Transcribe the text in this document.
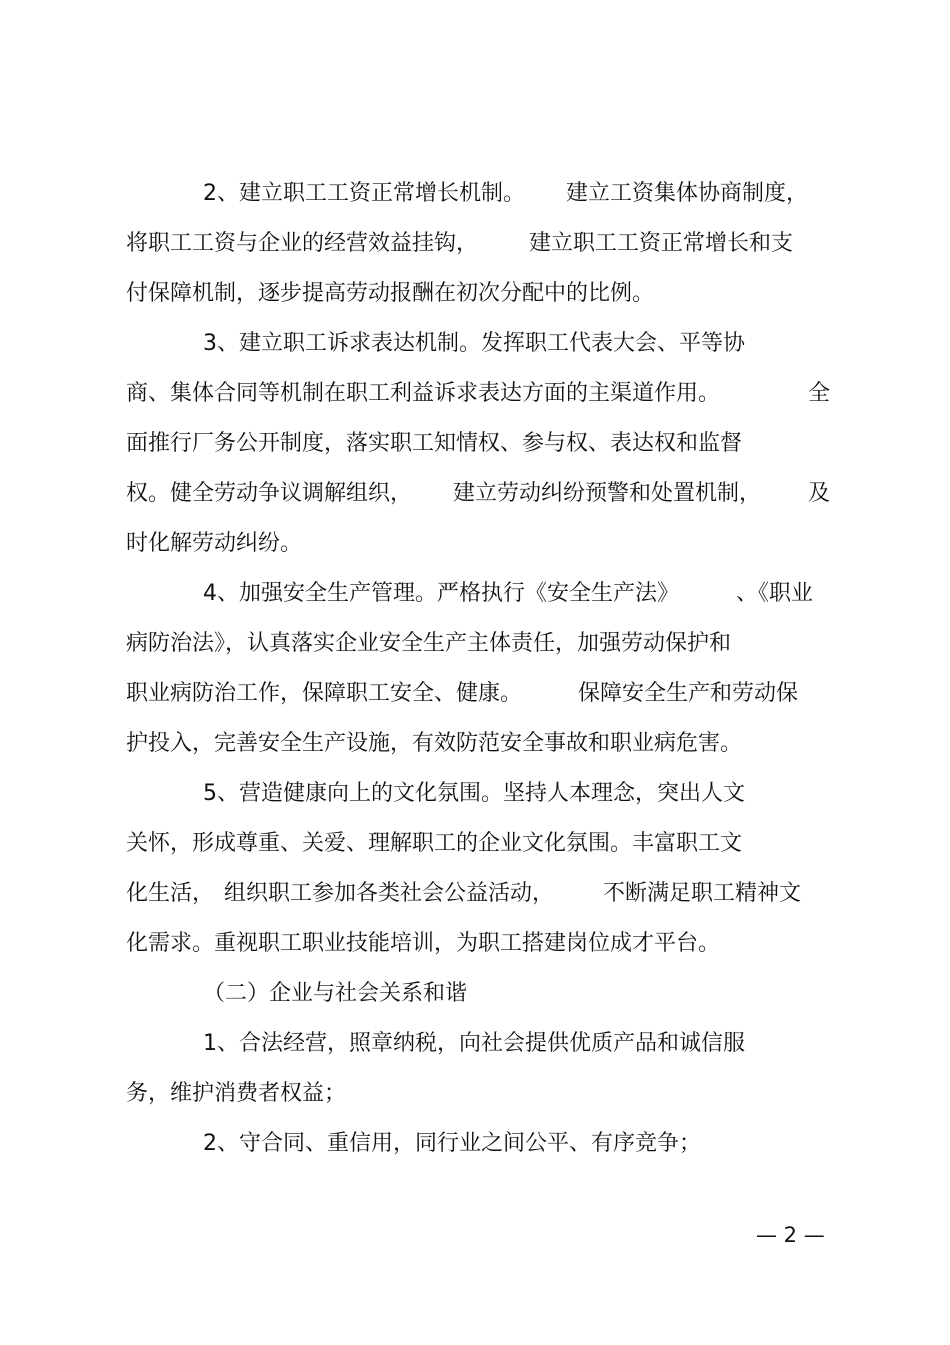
2、建立职工工资正常增长机制。

建立工资集体协商制度，

将职工工资与企业的经营效益挂钩，

建立职工工资正常增长和支

付保障机制，逐步提高劳动报酬在初次分配中的比例。

3、建立职工诉求表达机制。发挥职工代表大会、平等协

商、集体合同等机制在职工利益诉求表达方面的主渠道作用。

	全

面推行厂务公开制度，落实职工知情权、参与权、表达权和监督

权。健全劳动争议调解组织，

建立劳动纠纷预警和处置机制，

及

时化解劳动纠纷。

4、加强安全生产管理。严格执行《安全生产法》

	、《职业

病防治法》，认真落实企业安全生产主体责任，加强劳动保护和

职业病防治工作，保障职工安全、健康。

	保障安全生产和劳动保

护投入，完善安全生产设施，有效防范安全事故和职业病危害。

5、营造健康向上的文化氛围。坚持人本理念，突出人文

关怀，形成尊重、关爱、理解职工的企业文化氛围。丰富职工文

化生活，

组织职工参加各类社会公益活动，

不断满足职工精神文

化需求。重视职工职业技能培训，为职工搭建岗位成才平台。

（二）企业与社会关系和谐

1、合法经营，照章纳税，向社会提供优质产品和诚信服

务，维护消费者权益；

2、守合同、重信用，同行业之间公平、有序竞争；

— 2 —
